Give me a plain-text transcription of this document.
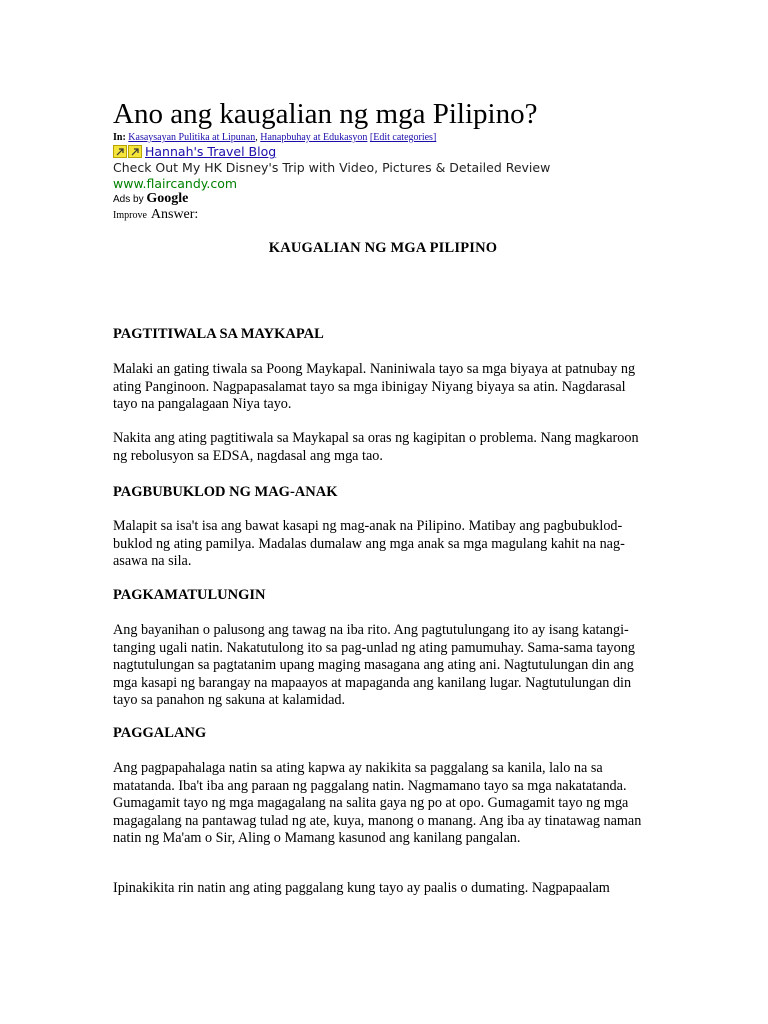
Ano ang kaugalian ng mga Pilipino?
In: Kasaysayan Pulitika at Lipunan, Hanapbuhay at Edukasyon [Edit categories]
Hannah's Travel Blog
Check Out My HK Disney's Trip with Video, Pictures & Detailed Review
www.flaircandy.com
Ads by Google
Improve Answer:
KAUGALIAN NG MGA PILIPINO
PAGTITIWALA SA MAYKAPAL

Malaki an gating tiwala sa Poong Maykapal. Naniniwala tayo sa mga biyaya at patnubay ng ating Panginoon. Nagpapasalamat tayo sa mga ibinigay Niyang biyaya sa atin. Nagdarasal tayo na pangalagaan Niya tayo.

Nakita ang ating pagtitiwala sa Maykapal sa oras ng kagipitan o problema. Nang magkaroon ng rebolusyon sa EDSA, nagdasal ang mga tao.

PAGBUBUKLOD NG MAG-ANAK

Malapit sa isa't isa ang bawat kasapi ng mag-anak na Pilipino. Matibay ang pagbubuklod-buklod ng ating pamilya. Madalas dumalaw ang mga anak sa mga magulang kahit na nag-asawa na sila.

PAGKAMATULUNGIN

Ang bayanihan o palusong ang tawag na iba rito. Ang pagtutulungang ito ay isang katangi-tanging ugali natin. Nakatutulong ito sa pag-unlad ng ating pamumuhay. Sama-sama tayong nagtutulungan sa pagtatanim upang maging masagana ang ating ani. Nagtutulungan din ang mga kasapi ng barangay na mapaayos at mapaganda ang kanilang lugar. Nagtutulungan din tayo sa panahon ng sakuna at kalamidad.

PAGGALANG

Ang pagpapahalaga natin sa ating kapwa ay nakikita sa paggalang sa kanila, lalo na sa matatanda. Iba't iba ang paraan ng paggalang natin. Nagmamano tayo sa mga nakatatanda. Gumagamit tayo ng mga magagalang na salita gaya ng po at opo. Gumagamit tayo ng mga magagalang na pantawag tulad ng ate, kuya, manong o manang. Ang iba ay tinatawag naman natin ng Ma'am o Sir, Aling o Mamang kasunod ang kanilang pangalan.

Ipinakikita rin natin ang ating paggalang kung tayo ay paalis o dumating. Nagpapaalam
